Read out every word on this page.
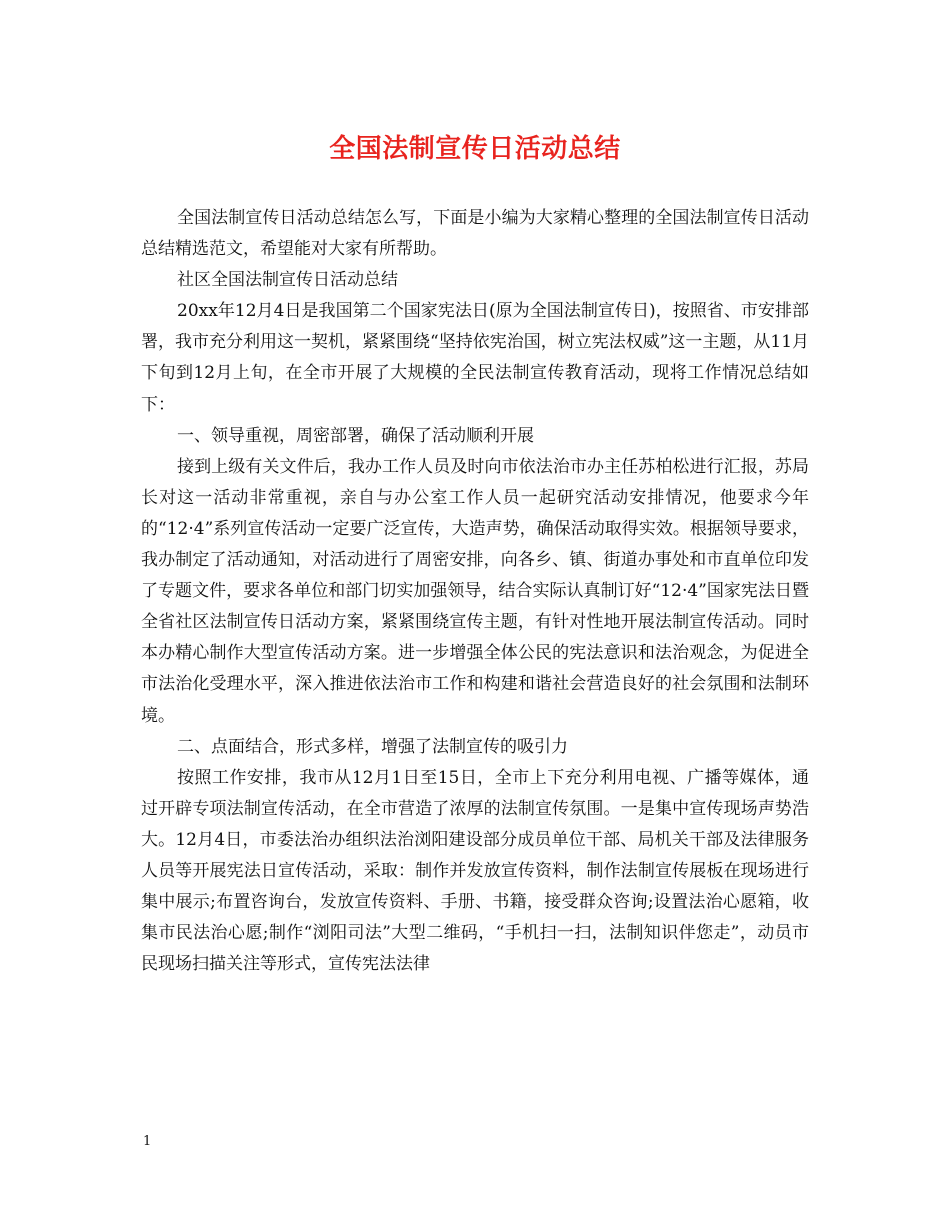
全国法制宣传日活动总结

全国法制宣传日活动总结怎么写，下面是小编为大家精心整理的全国法制宣传日活动总结精选范文，希望能对大家有所帮助。

社区全国法制宣传日活动总结

20xx年12月4日是我国第二个国家宪法日(原为全国法制宣传日)，按照省、市安排部署，我市充分利用这一契机，紧紧围绕“坚持依宪治国，树立宪法权威”这一主题，从11月下旬到12月上旬，在全市开展了大规模的全民法制宣传教育活动，现将工作情况总结如下：

一、领导重视，周密部署，确保了活动顺利开展

接到上级有关文件后，我办工作人员及时向市依法治市办主任苏柏松进行汇报，苏局长对这一活动非常重视，亲自与办公室工作人员一起研究活动安排情况，他要求今年的“12·4”系列宣传活动一定要广泛宣传，大造声势，确保活动取得实效。根据领导要求，我办制定了活动通知，对活动进行了周密安排，向各乡、镇、街道办事处和市直单位印发了专题文件，要求各单位和部门切实加强领导，结合实际认真制订好“12·4”国家宪法日暨全省社区法制宣传日活动方案，紧紧围绕宣传主题，有针对性地开展法制宣传活动。同时本办精心制作大型宣传活动方案。进一步增强全体公民的宪法意识和法治观念，为促进全市法治化受理水平，深入推进依法治市工作和构建和谐社会营造良好的社会氛围和法制环境。

二、点面结合，形式多样，增强了法制宣传的吸引力

按照工作安排，我市从12月1日至15日，全市上下充分利用电视、广播等媒体，通过开辟专项法制宣传活动，在全市营造了浓厚的法制宣传氛围。一是集中宣传现场声势浩大。12月4日，市委法治办组织法治浏阳建设部分成员单位干部、局机关干部及法律服务人员等开展宪法日宣传活动，采取：制作并发放宣传资料，制作法制宣传展板在现场进行集中展示;布置咨询台，发放宣传资料、手册、书籍，接受群众咨询;设置法治心愿箱，收集市民法治心愿;制作“浏阳司法”大型二维码，“手机扫一扫，法制知识伴您走”，动员市民现场扫描关注等形式，宣传宪法法律

1
